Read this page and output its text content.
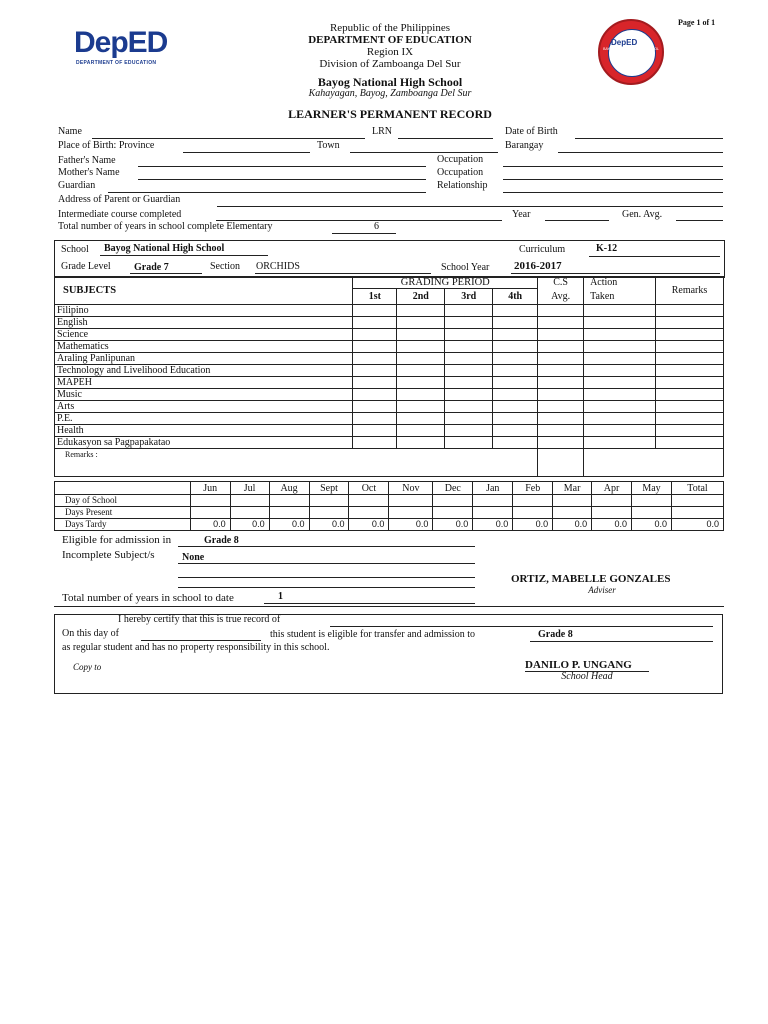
Page 1 of 1
DepED
DEPARTMENT OF EDUCATION
DepED
BAYOG NATIONAL HIGH SCHOOL
Republic of the Philippines
DEPARTMENT OF EDUCATION
Region IX
Division of Zamboanga Del Sur
Bayog National High School
Kahayagan, Bayog, Zamboanga Del Sur
LEARNER'S PERMANENT RECORD
Name	LRN	Date of Birth
Place of Birth: Province	Town	Barangay
Father's Name	Occupation
Mother's Name	Occupation
Guardian	Relationship
Address of Parent or Guardian
Intermediate course completed	Year	Gen. Avg.
Total number of years in school complete Elementary	6
School Bayog National High School	Curriculum	K-12
Grade Level Grade 7	Section ORCHIDS	School Year 2016-2017
SUBJECTS	GRADING PERIOD				C.S	Action	Remarks
	1st	2nd	3rd	4th	Avg.	Taken	
Filipino							
English							
Science							
Mathematics							
Araling Panlipunan							
Technology and Livelihood Education							
MAPEH							
Music							
Arts							
P.E.							
Health							
Edukasyon sa Pagpapakatao							
Remarks :							
	Jun	Jul	Aug	Sept	Oct	Nov	Dec	Jan	Feb	Mar	Apr	May	Total
Day of School													
Days Present													
Days Tardy	0.0	0.0	0.0	0.0	0.0	0.0	0.0	0.0	0.0	0.0	0.0	0.0	0.0
Eligible for admission in	Grade 8
Incomplete Subject/s	None
ORTIZ, MABELLE GONZALES
Adviser
Total number of years in school to date	1
I hereby certify that this is true record of
On this day of	this student is eligible for transfer and admission to	Grade 8
as regular student and has no property responsibility in this school.
Copy to	DANILO P. UNGANG
School Head
